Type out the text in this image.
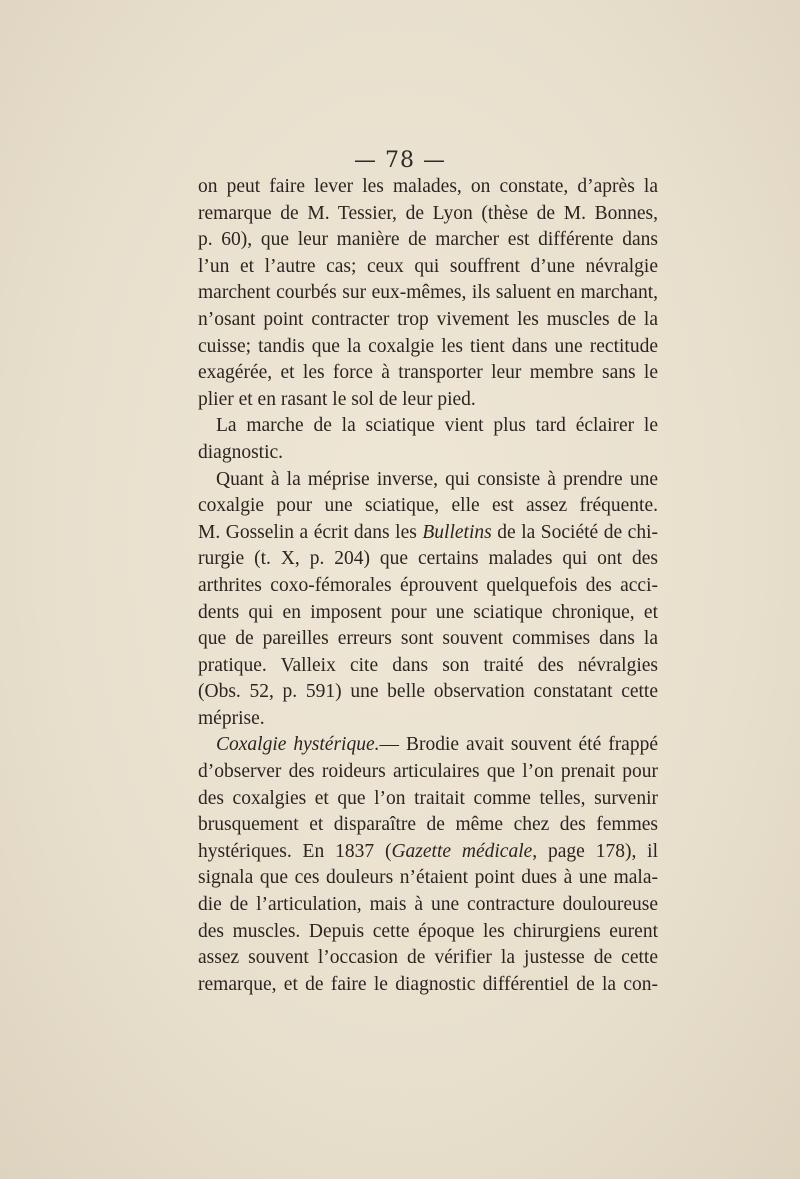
— 78 —
on peut faire lever les malades, on constate, d’après la
remarque de M. Tessier, de Lyon (thèse de M. Bonnes,
p. 60), que leur manière de marcher est différente dans
l’un et l’autre cas; ceux qui souffrent d’une névralgie
marchent courbés sur eux-mêmes, ils saluent en marchant,
n’osant point contracter trop vivement les muscles de la
cuisse; tandis que la coxalgie les tient dans une rectitude
exagérée, et les force à transporter leur membre sans le
plier et en rasant le sol de leur pied.
La marche de la sciatique vient plus tard éclairer le
diagnostic.
Quant à la méprise inverse, qui consiste à prendre une
coxalgie pour une sciatique, elle est assez fréquente.
M. Gosselin a écrit dans les Bulletins de la Société de chi-
rurgie (t. X, p. 204) que certains malades qui ont des
arthrites coxo-fémorales éprouvent quelquefois des acci-
dents qui en imposent pour une sciatique chronique, et
que de pareilles erreurs sont souvent commises dans la
pratique. Valleix cite dans son traité des névralgies
(Obs. 52, p. 591) une belle observation constatant cette
méprise.
Coxalgie hystérique.— Brodie avait souvent été frappé
d’observer des roideurs articulaires que l’on prenait pour
des coxalgies et que l’on traitait comme telles, survenir
brusquement et disparaître de même chez des femmes
hystériques. En 1837 (Gazette médicale, page 178), il
signala que ces douleurs n’étaient point dues à une mala-
die de l’articulation, mais à une contracture douloureuse
des muscles. Depuis cette époque les chirurgiens eurent
assez souvent l’occasion de vérifier la justesse de cette
remarque, et de faire le diagnostic différentiel de la con-
